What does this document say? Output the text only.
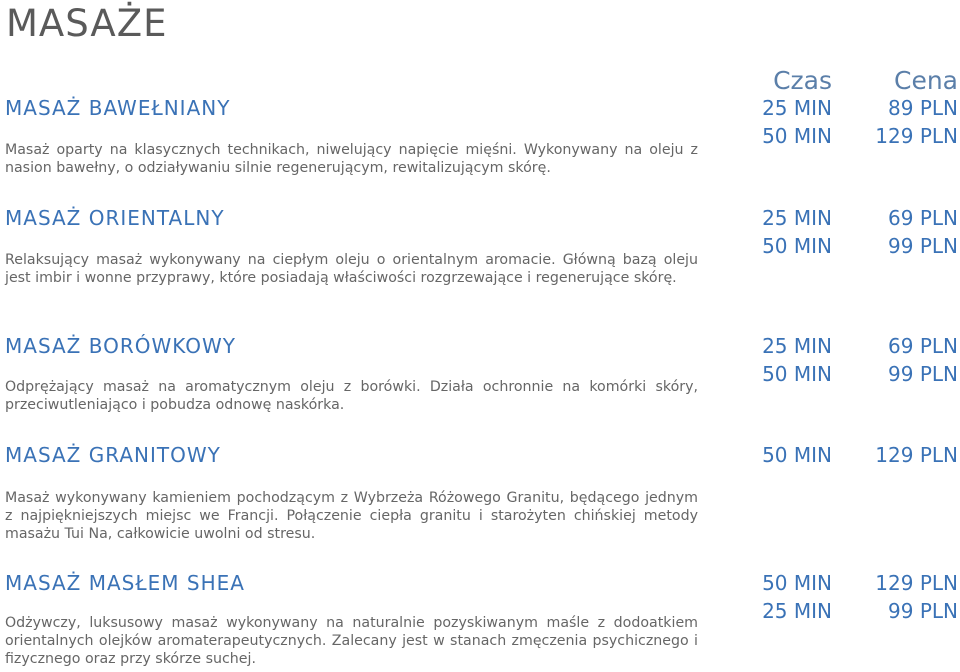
MASAŻE
Czas	Cena
MASAŻ BAWEŁNIANY
Masaż oparty na klasycznych technikach, niwelujący napięcie mięśni. Wykonywany na oleju z nasion bawełny, o odziaływaniu silnie regenerującym, rewitalizującym skórę.
25 MIN	89 PLN
50 MIN	129 PLN
MASAŻ ORIENTALNY
Relaksujący masaż wykonywany na ciepłym oleju o orientalnym aromacie. Główną bazą oleju jest imbir i wonne przyprawy, które posiadają właściwości rozgrzewające i regenerujące skórę.
25 MIN	69 PLN
50 MIN	99 PLN
MASAŻ BORÓWKOWY
Odprężający masaż na aromatycznym oleju z borówki. Działa ochronnie na komórki skóry, przeciwutleniająco i pobudza odnowę naskórka.
25 MIN	69 PLN
50 MIN	99 PLN
MASAŻ GRANITOWY
Masaż wykonywany kamieniem pochodzącym z Wybrzeża Różowego Granitu, będącego jednym z najpiękniejszych miejsc we Francji. Połączenie ciepła granitu i starożyten chińskiej metody masażu Tui Na, całkowicie uwolni od stresu.
50 MIN	129 PLN
MASAŻ MASŁEM SHEA
Odżywczy, luksusowy masaż wykonywany na naturalnie pozyskiwanym maśle z dodoatkiem orientalnych olejków aromaterapeutycznych. Zalecany jest w stanach zmęczenia psychicznego i fizycznego oraz przy skórze suchej.
50 MIN	129 PLN
25 MIN	99 PLN
